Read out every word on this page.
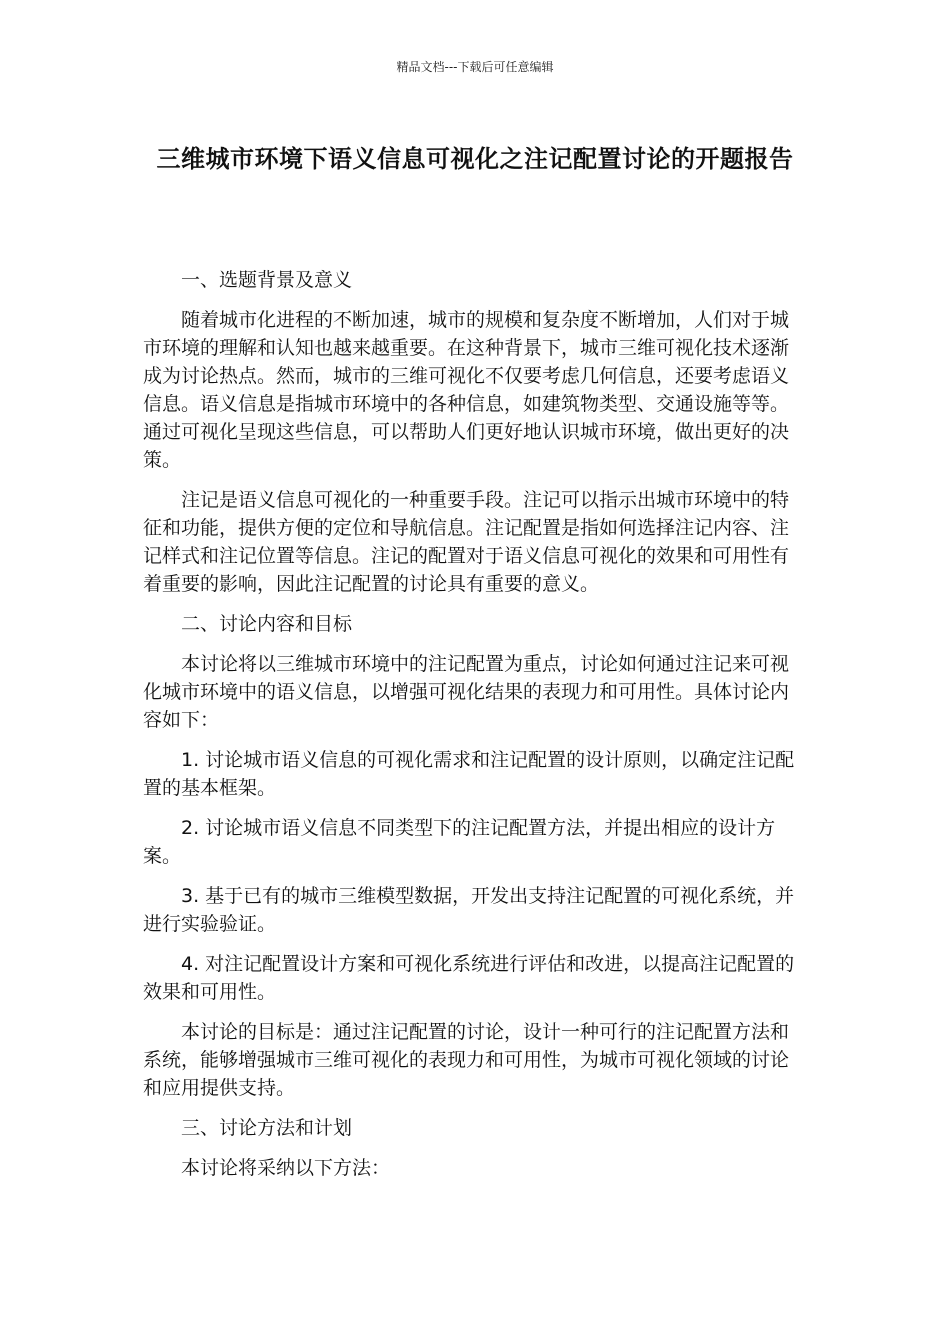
精品文档---下载后可任意编辑
三维城市环境下语义信息可视化之注记配置讨论的开题报告

一、选题背景及意义

随着城市化进程的不断加速，城市的规模和复杂度不断增加，人们对于城市环境的理解和认知也越来越重要。在这种背景下，城市三维可视化技术逐渐成为讨论热点。然而，城市的三维可视化不仅要考虑几何信息，还要考虑语义信息。语义信息是指城市环境中的各种信息，如建筑物类型、交通设施等等。通过可视化呈现这些信息，可以帮助人们更好地认识城市环境，做出更好的决策。

注记是语义信息可视化的一种重要手段。注记可以指示出城市环境中的特征和功能，提供方便的定位和导航信息。注记配置是指如何选择注记内容、注记样式和注记位置等信息。注记的配置对于语义信息可视化的效果和可用性有着重要的影响，因此注记配置的讨论具有重要的意义。

二、讨论内容和目标

本讨论将以三维城市环境中的注记配置为重点，讨论如何通过注记来可视化城市环境中的语义信息，以增强可视化结果的表现力和可用性。具体讨论内容如下：

1. 讨论城市语义信息的可视化需求和注记配置的设计原则，以确定注记配置的基本框架。

2. 讨论城市语义信息不同类型下的注记配置方法，并提出相应的设计方案。

3. 基于已有的城市三维模型数据，开发出支持注记配置的可视化系统，并进行实验验证。

4. 对注记配置设计方案和可视化系统进行评估和改进，以提高注记配置的效果和可用性。

本讨论的目标是：通过注记配置的讨论，设计一种可行的注记配置方法和系统，能够增强城市三维可视化的表现力和可用性，为城市可视化领域的讨论和应用提供支持。

三、讨论方法和计划

本讨论将采纳以下方法：
